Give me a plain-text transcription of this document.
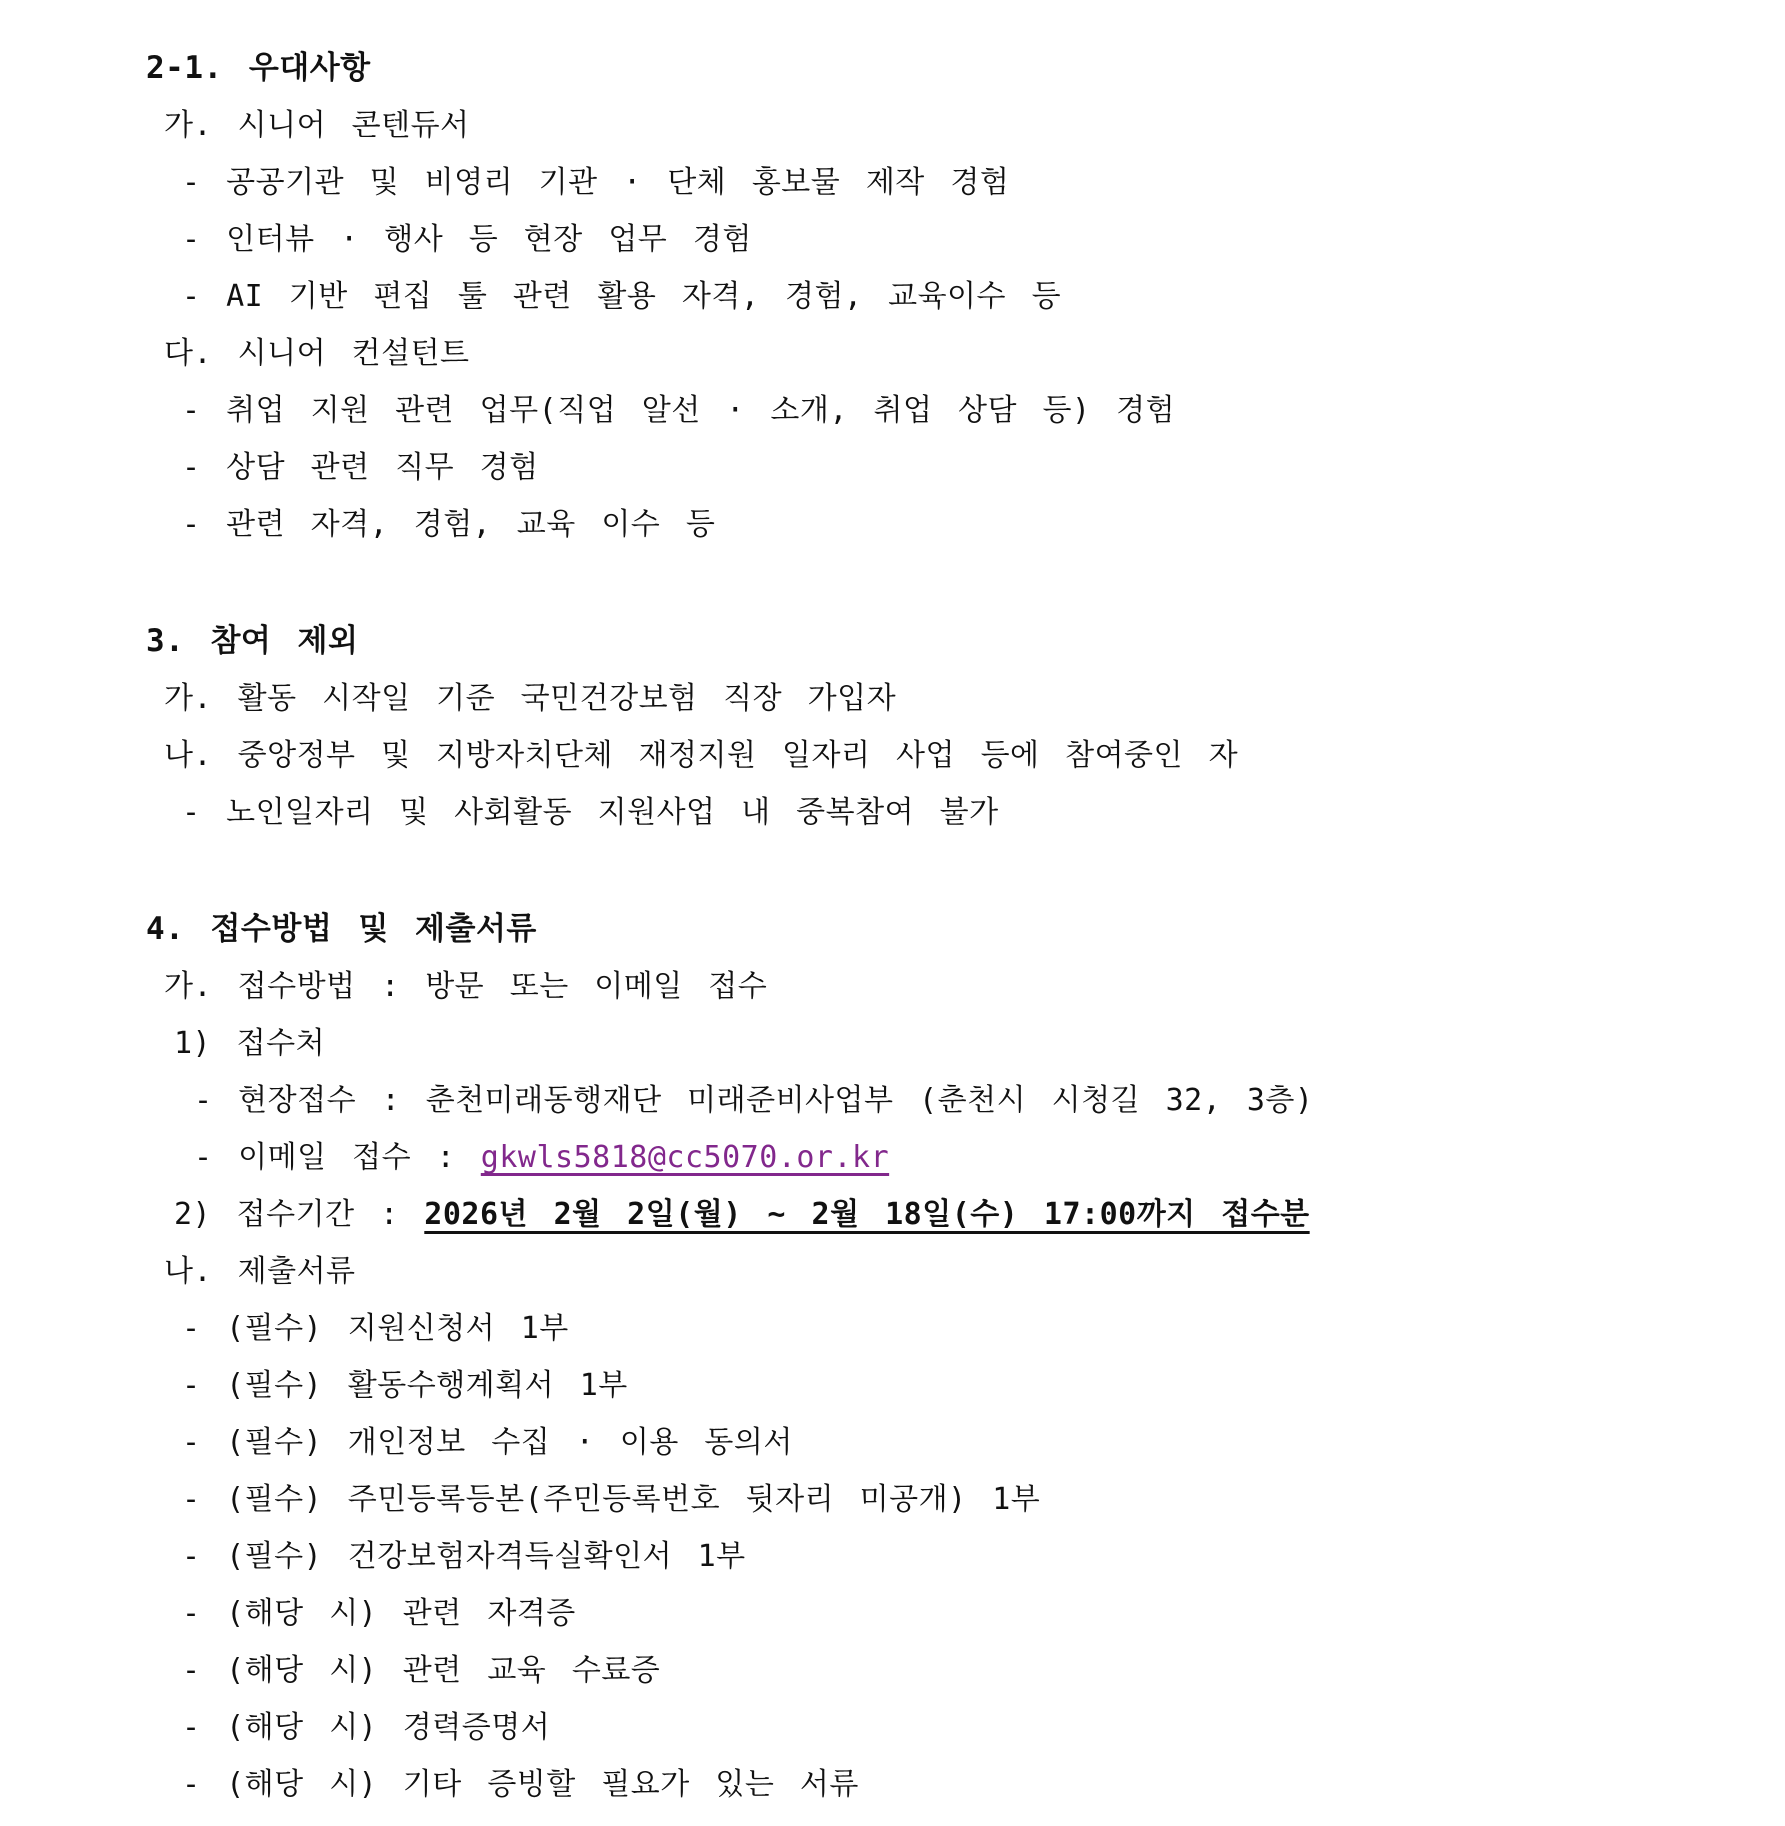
2-1. 우대사항
가. 시니어 콘텐듀서
- 공공기관 및 비영리 기관 · 단체 홍보물 제작 경험
- 인터뷰 · 행사 등 현장 업무 경험
- AI 기반 편집 툴 관련 활용 자격, 경험, 교육이수 등
다. 시니어 컨설턴트
- 취업 지원 관련 업무(직업 알선 · 소개, 취업 상담 등) 경험
- 상담 관련 직무 경험
- 관련 자격, 경험, 교육 이수 등
3. 참여 제외
가. 활동 시작일 기준 국민건강보험 직장 가입자
나. 중앙정부 및 지방자치단체 재정지원 일자리 사업 등에 참여중인 자
- 노인일자리 및 사회활동 지원사업 내 중복참여 불가
4. 접수방법 및 제출서류
가. 접수방법 : 방문 또는 이메일 접수
1) 접수처
- 현장접수 : 춘천미래동행재단 미래준비사업부 (춘천시 시청길 32, 3층)
- 이메일 접수 : gkwls5818@cc5070.or.kr
2) 접수기간 : 2026년 2월 2일(월) ~ 2월 18일(수) 17:00까지 접수분
나. 제출서류
- (필수) 지원신청서 1부
- (필수) 활동수행계획서 1부
- (필수) 개인정보 수집 · 이용 동의서
- (필수) 주민등록등본(주민등록번호 뒷자리 미공개) 1부
- (필수) 건강보험자격득실확인서 1부
- (해당 시) 관련 자격증
- (해당 시) 관련 교육 수료증
- (해당 시) 경력증명서
- (해당 시) 기타 증빙할 필요가 있는 서류
